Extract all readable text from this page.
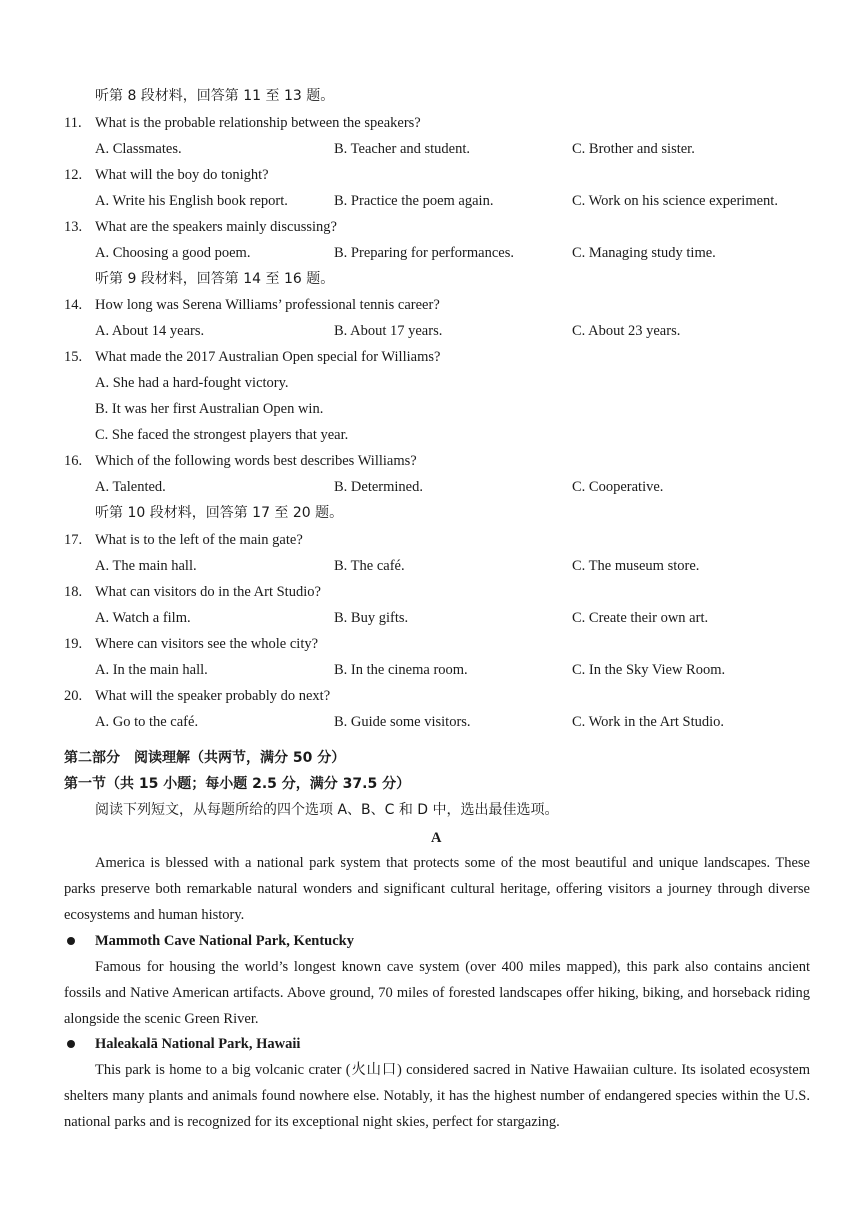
听第 8 段材料，回答第 11 至 13 题。
11. What is the probable relationship between the speakers?
A. Classmates.	B. Teacher and student.	C. Brother and sister.
12. What will the boy do tonight?
A. Write his English book report.	B. Practice the poem again.	C. Work on his science experiment.
13. What are the speakers mainly discussing?
A. Choosing a good poem.	B. Preparing for performances.	C. Managing study time.
听第 9 段材料，回答第 14 至 16 题。
14. How long was Serena Williams’ professional tennis career?
A. About 14 years.	B. About 17 years.	C. About 23 years.
15. What made the 2017 Australian Open special for Williams?
A. She had a hard-fought victory.
B. It was her first Australian Open win.
C. She faced the strongest players that year.
16. Which of the following words best describes Williams?
A. Talented.	B. Determined.	C. Cooperative.
听第 10 段材料，回答第 17 至 20 题。
17. What is to the left of the main gate?
A. The main hall.	B. The café.	C. The museum store.
18. What can visitors do in the Art Studio?
A. Watch a film.	B. Buy gifts.	C. Create their own art.
19. Where can visitors see the whole city?
A. In the main hall.	B. In the cinema room.	C. In the Sky View Room.
20. What will the speaker probably do next?
A. Go to the café.	B. Guide some visitors.	C. Work in the Art Studio.
第二部分　阅读理解（共两节，满分 50 分）
第一节（共 15 小题；每小题 2.5 分，满分 37.5 分）
阅读下列短文，从每题所给的四个选项 A、B、C 和 D 中，选出最佳选项。
A

America is blessed with a national park system that protects some of the most beautiful and unique landscapes. These parks preserve both remarkable natural wonders and significant cultural heritage, offering visitors a journey through diverse ecosystems and human history.

Mammoth Cave National Park, Kentucky

Famous for housing the world’s longest known cave system (over 400 miles mapped), this park also contains ancient fossils and Native American artifacts. Above ground, 70 miles of forested landscapes offer hiking, biking, and horseback riding alongside the scenic Green River.

Haleakalā National Park, Hawaii

This park is home to a big volcanic crater (火山口) considered sacred in Native Hawaiian culture. Its isolated ecosystem shelters many plants and animals found nowhere else. Notably, it has the highest number of endangered species within the U.S. national parks and is recognized for its exceptional night skies, perfect for stargazing.
